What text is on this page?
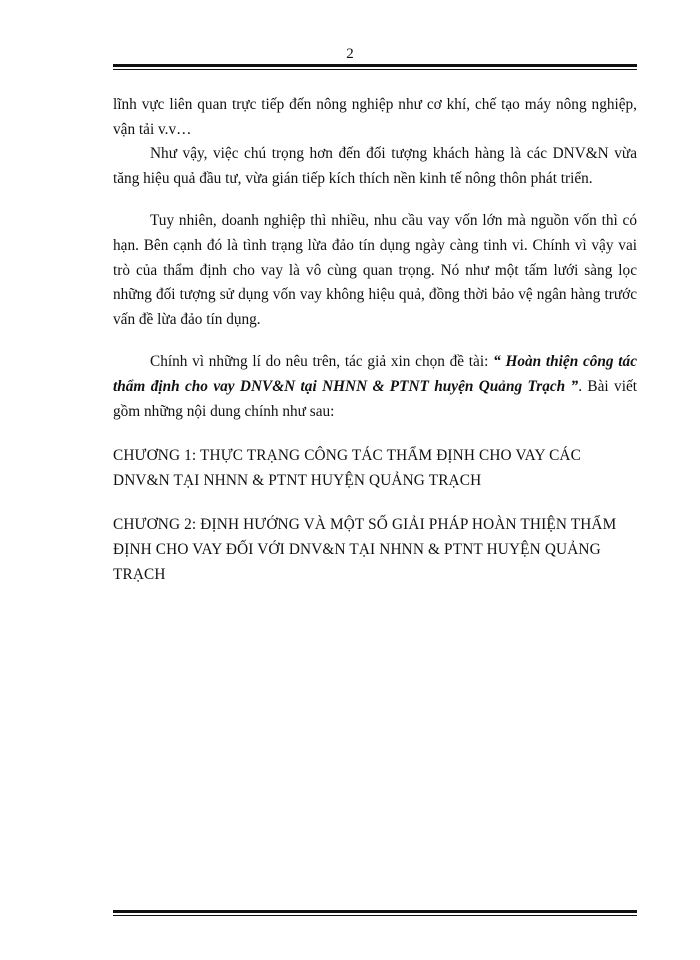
2

lĩnh vực liên quan trực tiếp đến nông nghiệp như cơ khí, chế tạo máy nông nghiệp, vận tải v.v…

Như vậy, việc chú trọng hơn đến đối tượng khách hàng là các DNV&N vừa tăng hiệu quả đầu tư, vừa gián tiếp kích thích nền kinh tế nông thôn phát triển.

Tuy nhiên, doanh nghiệp thì nhiều, nhu cầu vay vốn lớn mà nguồn vốn thì có hạn. Bên cạnh đó là tình trạng lừa đảo tín dụng ngày càng tinh vi. Chính vì vậy vai trò của thẩm định cho vay là vô cùng quan trọng. Nó như một tấm lưới sàng lọc những đối tượng sử dụng vốn vay không hiệu quả, đồng thời bảo vệ ngân hàng trước vấn đề lừa đảo tín dụng.

Chính vì những lí do nêu trên, tác giả xin chọn đề tài: “ Hoàn thiện công tác thẩm định cho vay DNV&N tại NHNN & PTNT huyện Quảng Trạch ”. Bài viết gồm những nội dung chính như sau:

CHƯƠNG 1: THỰC TRẠNG CÔNG TÁC THẨM ĐỊNH CHO VAY CÁC DNV&N TẠI NHNN & PTNT HUYỆN QUẢNG TRẠCH

CHƯƠNG 2: ĐỊNH HƯỚNG VÀ MỘT SỐ GIẢI PHÁP HOÀN THIỆN THẨM ĐỊNH CHO VAY ĐỐI VỚI DNV&N TẠI NHNN & PTNT HUYỆN QUẢNG TRẠCH
